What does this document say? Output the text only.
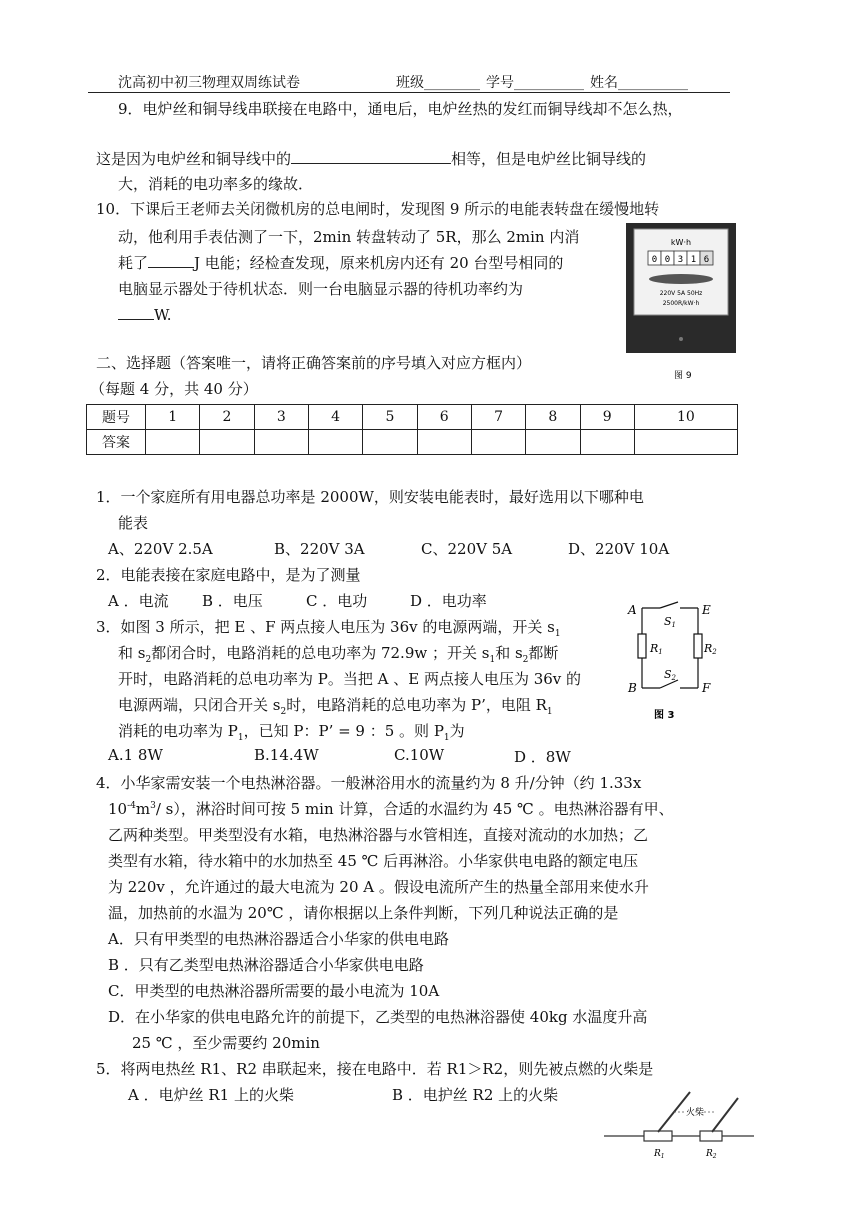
沈高初中初三物理双周练试卷	班级________ 学号__________ 姓名__________
9．电炉丝和铜导线串联接在电路中，通电后，电炉丝热的发红而铜导线却不怎么热，
这是因为电炉丝和铜导线中的	相等，但是电炉丝比铜导线的
大，消耗的电功率多的缘故．
10．下课后王老师去关闭微机房的总电闸时，发现图 9 所示的电能表转盘在缓慢地转
动，他利用手表估测了一下，2min 转盘转动了 5R，那么 2min 内消
耗了	J 电能；经检查发现，原来机房内还有 20 台型号相同的
电脑显示器处于待机状态．则一台电脑显示器的待机功率约为
W.
kW·h
0 0 3 1 6
220V 5A 50Hz
2500R/kW·h
图 9
二、选择题（答案唯一，请将正确答案前的序号填入对应方框内）
（每题 4 分，共 40 分）
题号	1	2	3	4	5	6	7	8	9	10
答案										
1．一个家庭所有用电器总功率是 2000W，则安装电能表时，最好选用以下哪种电
能表
A、220V 2.5A	B、220V 3A	C、220V 5A	D、220V 10A
2．电能表接在家庭电路中，是为了测量
A ．电流 B ．电压	C ．电功	D ．电功率
3．如图 3 所示，把 E 、F 两点接人电压为 36v 的电源两端，开关 $s_1$
和 $s_2$都闭合时，电路消耗的总电功率为 72.9w ；开关 $s_1$和 $s_2$都断
开时，电路消耗的总电功率为 P。当把 A 、E 两点接人电压为 36v 的
电源两端，只闭合开关 $s_2$时，电路消耗的总电功率为 P’，电阻 $R_1$
消耗的电功率为 $P_1$，已知 P：P’ = 9 ：5 。则 $P_1$为
A.1 8W	B.14.4W	C.10W	D ．8W
A	E
B	F
S1
S2
R1	R2
图 3
4．小华家需安装一个电热淋浴器。一般淋浴用水的流量约为 8 升/分钟（约 1.33x
$10^{-4}m^3/$ s），淋浴时间可按 5 min 计算，合适的水温约为 45 ℃ 。电热淋浴器有甲、
乙两种类型。甲类型没有水箱，电热淋浴器与水管相连，直接对流动的水加热；乙
类型有水箱，待水箱中的水加热至 45 ℃ 后再淋浴。小华家供电电路的额定电压
为 220v ，允许通过的最大电流为 20 A 。假设电流所产生的热量全部用来使水升
温，加热前的水温为 20℃ ，请你根据以上条件判断，下列几种说法正确的是
A．只有甲类型的电热淋浴器适合小华家的供电电路
B ．只有乙类型电热淋浴器适合小华家供电电路
C．甲类型的电热淋浴器所需要的最小电流为 10A
D．在小华家的供电电路允许的前提下，乙类型的电热淋浴器使 40kg 水温度升高
25 ℃ ，至少需要约 20min
5．将两电热丝 R1、R2 串联起来，接在电路中．若 R1＞R2，则先被点燃的火柴是
A ．电炉丝 R1 上的火柴	B ．电护丝 R2 上的火柴
火柴
$R_1$	$R_2$
